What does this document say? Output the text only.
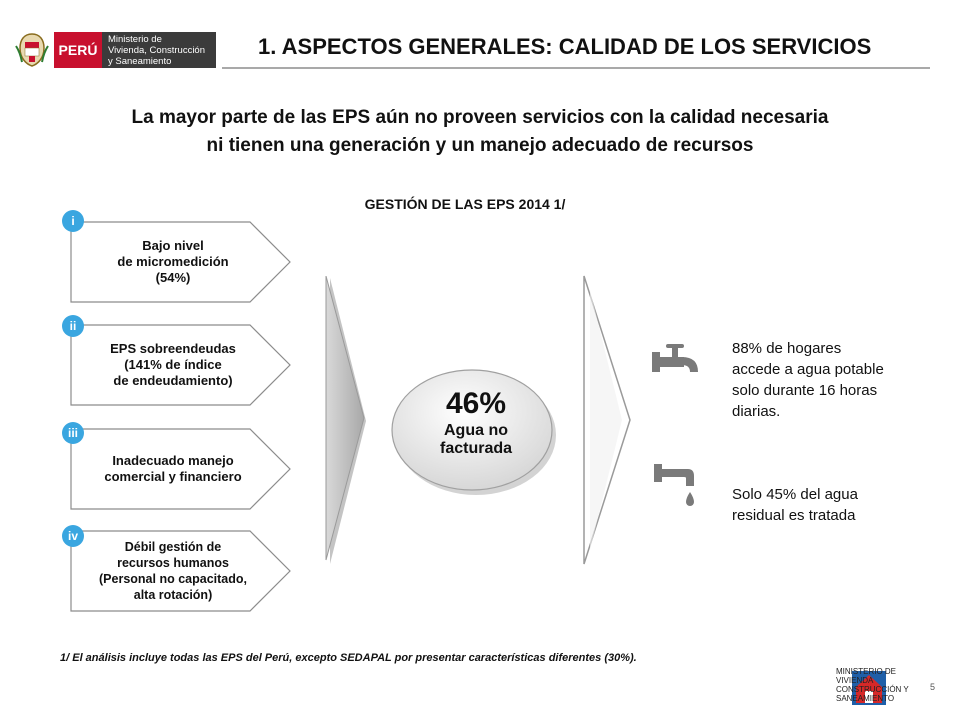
PERÚ
Ministerio de
Vivienda, Construcción
y Saneamiento
1. ASPECTOS GENERALES: CALIDAD DE LOS SERVICIOS
La mayor parte de las EPS aún no proveen servicios con la calidad necesaria
ni tienen una generación y un manejo adecuado de recursos
GESTIÓN DE LAS EPS 2014 1/
Bajo nivel
de micromedición
(54%)
i
EPS sobreendeudas
(141% de índice
de endeudamiento)
ii
Inadecuado manejo
comercial y financiero
iii
Débil gestión de
recursos humanos
(Personal no capacitado,
alta rotación)
iv
46%
Agua no
facturada
88% de hogares
accede a agua potable
solo durante 16 horas
diarias.
Solo 45% del agua
residual es tratada
1/ El análisis incluye todas las EPS del Perú, excepto SEDAPAL por presentar características diferentes (30%).
MINISTERIO DE
VIVIENDA
CONSTRUCCIÓN Y
SANEAMIENTO
5
